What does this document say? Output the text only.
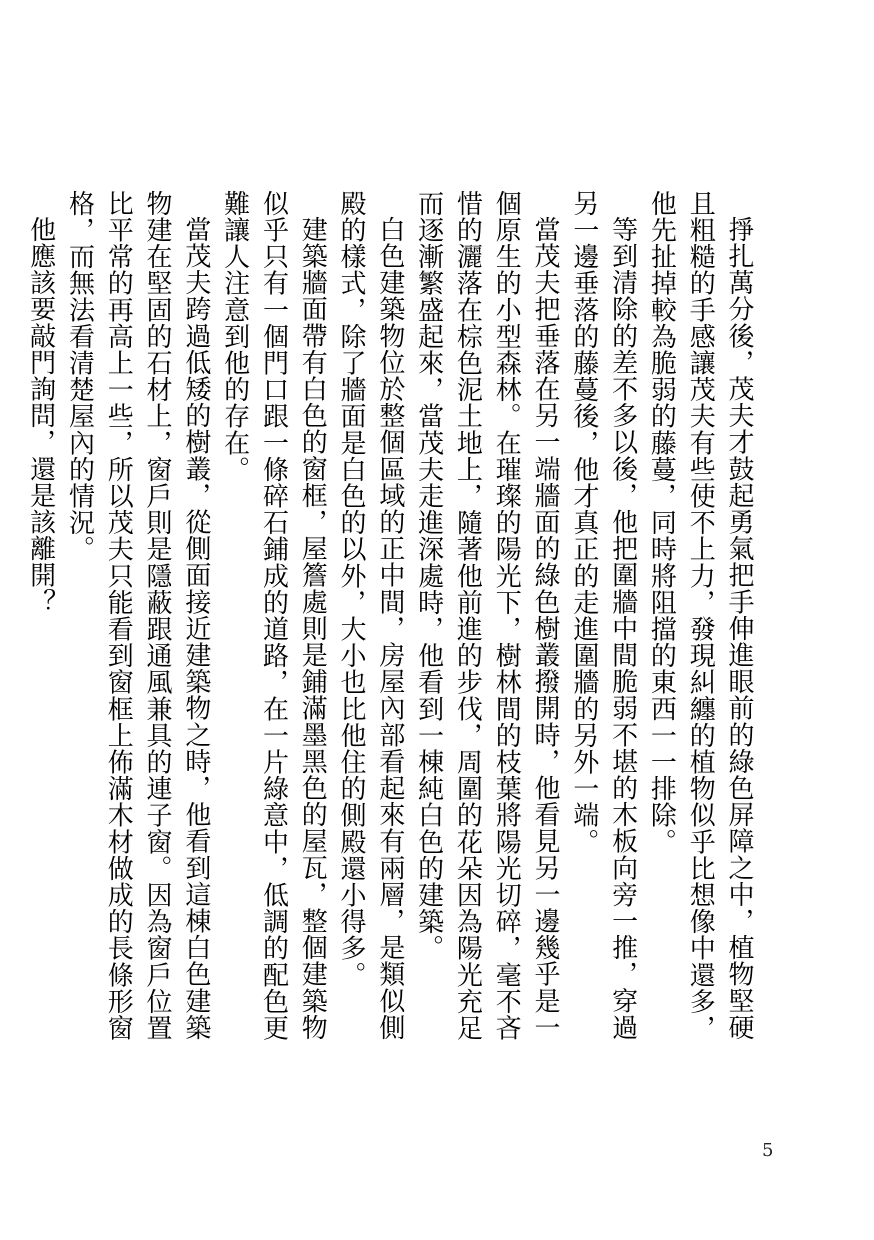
掙扎萬分後，茂夫才鼓起勇氣把手伸進眼前的綠色屏障之中，植物堅硬且粗糙的手感讓茂夫有些使不上力，發現糾纏的植物似乎比想像中還多，他先扯掉較為脆弱的藤蔓，同時將阻擋的東西一一排除。

等到清除的差不多以後，他把圍牆中間脆弱不堪的木板向旁一推，穿過另一邊垂落的藤蔓後，他才真正的走進圍牆的另外一端。

當茂夫把垂落在另一端牆面的綠色樹叢撥開時，他看見另一邊幾乎是一個原生的小型森林。在璀璨的陽光下，樹林間的枝葉將陽光切碎，毫不吝惜的灑落在棕色泥土地上，隨著他前進的步伐，周圍的花朵因為陽光充足而逐漸繁盛起來，當茂夫走進深處時，他看到一棟純白色的建築。

白色建築物位於整個區域的正中間，房屋內部看起來有兩層，是類似側殿的樣式，除了牆面是白色的以外，大小也比他住的側殿還小得多。

建築牆面帶有白色的窗框，屋簷處則是鋪滿墨黑色的屋瓦，整個建築物似乎只有一個門口跟一條碎石鋪成的道路，在一片綠意中，低調的配色更難讓人注意到他的存在。

當茂夫跨過低矮的樹叢，從側面接近建築物之時，他看到這棟白色建築物建在堅固的石材上，窗戶則是隱蔽跟通風兼具的連子窗。因為窗戶位置比平常的再高上一些，所以茂夫只能看到窗框上佈滿木材做成的長條形窗格，而無法看清楚屋內的情況。

他應該要敲門詢問，還是該離開？

5
